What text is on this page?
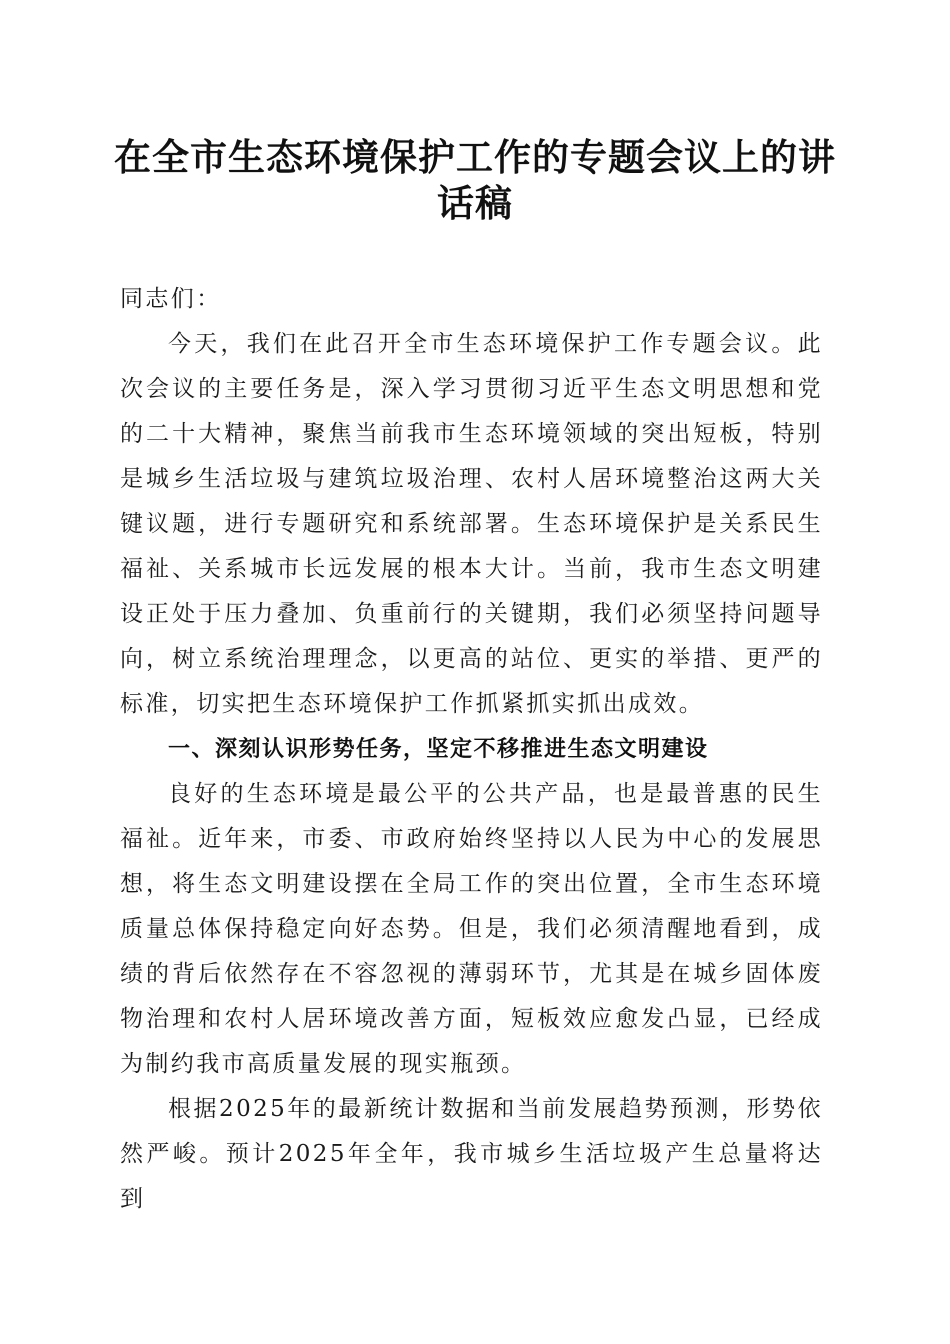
在全市生态环境保护工作的专题会议上的讲话稿

同志们：

今天，我们在此召开全市生态环境保护工作专题会议。此次会议的主要任务是，深入学习贯彻习近平生态文明思想和党的二十大精神，聚焦当前我市生态环境领域的突出短板，特别是城乡生活垃圾与建筑垃圾治理、农村人居环境整治这两大关键议题，进行专题研究和系统部署。生态环境保护是关系民生福祉、关系城市长远发展的根本大计。当前，我市生态文明建设正处于压力叠加、负重前行的关键期，我们必须坚持问题导向，树立系统治理理念，以更高的站位、更实的举措、更严的标准，切实把生态环境保护工作抓紧抓实抓出成效。

一、深刻认识形势任务，坚定不移推进生态文明建设

良好的生态环境是最公平的公共产品，也是最普惠的民生福祉。近年来，市委、市政府始终坚持以人民为中心的发展思想，将生态文明建设摆在全局工作的突出位置，全市生态环境质量总体保持稳定向好态势。但是，我们必须清醒地看到，成绩的背后依然存在不容忽视的薄弱环节，尤其是在城乡固体废物治理和农村人居环境改善方面，短板效应愈发凸显，已经成为制约我市高质量发展的现实瓶颈。

根据2025年的最新统计数据和当前发展趋势预测，形势依然严峻。预计2025年全年，我市城乡生活垃圾产生总量将达到
